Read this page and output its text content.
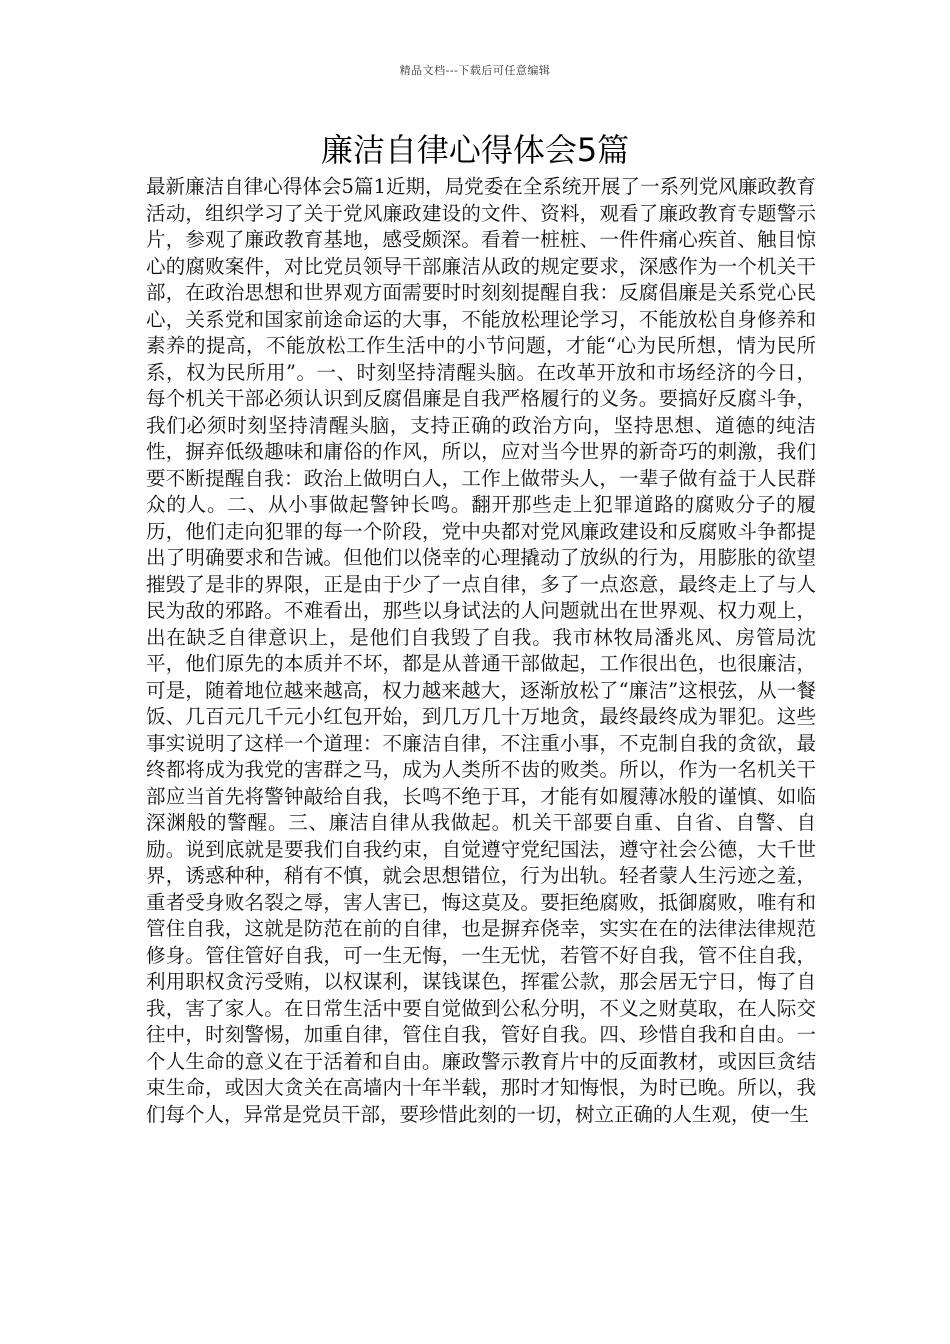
精品文档---下载后可任意编辑
廉洁自律心得体会5篇

最新廉洁自律心得体会5篇1近期，局党委在全系统开展了一系列党风廉政教育活动，组织学习了关于党风廉政建设的文件、资料，观看了廉政教育专题警示片，参观了廉政教育基地，感受颇深。看着一桩桩、一件件痛心疾首、触目惊心的腐败案件，对比党员领导干部廉洁从政的规定要求，深感作为一个机关干部，在政治思想和世界观方面需要时时刻刻提醒自我：反腐倡廉是关系党心民心，关系党和国家前途命运的大事，不能放松理论学习，不能放松自身修养和素养的提高，不能放松工作生活中的小节问题，才能“心为民所想，情为民所系，权为民所用”。一、时刻坚持清醒头脑。在改革开放和市场经济的今日，每个机关干部必须认识到反腐倡廉是自我严格履行的义务。要搞好反腐斗争，我们必须时刻坚持清醒头脑，支持正确的政治方向，坚持思想、道德的纯洁性，摒弃低级趣味和庸俗的作风，所以，应对当今世界的新奇巧的刺激，我们要不断提醒自我：政治上做明白人，工作上做带头人，一辈子做有益于人民群众的人。二、从小事做起警钟长鸣。翻开那些走上犯罪道路的腐败分子的履历，他们走向犯罪的每一个阶段，党中央都对党风廉政建设和反腐败斗争都提出了明确要求和告诫。但他们以侥幸的心理撬动了放纵的行为，用膨胀的欲望摧毁了是非的界限，正是由于少了一点自律，多了一点恣意，最终走上了与人民为敌的邪路。不难看出，那些以身试法的人问题就出在世界观、权力观上，出在缺乏自律意识上，是他们自我毁了自我。我市林牧局潘兆风、房管局沈平，他们原先的本质并不坏，都是从普通干部做起，工作很出色，也很廉洁，可是，随着地位越来越高，权力越来越大，逐渐放松了“廉洁”这根弦，从一餐饭、几百元几千元小红包开始，到几万几十万地贪，最终最终成为罪犯。这些事实说明了这样一个道理：不廉洁自律，不注重小事，不克制自我的贪欲，最终都将成为我党的害群之马，成为人类所不齿的败类。所以，作为一名机关干部应当首先将警钟敲给自我，长鸣不绝于耳，才能有如履薄冰般的谨慎、如临深渊般的警醒。三、廉洁自律从我做起。机关干部要自重、自省、自警、自励。说到底就是要我们自我约束，自觉遵守党纪国法，遵守社会公德，大千世界，诱惑种种，稍有不慎，就会思想错位，行为出轨。轻者蒙人生污迹之羞，重者受身败名裂之辱，害人害已，悔这莫及。要拒绝腐败，抵御腐败，唯有和管住自我，这就是防范在前的自律，也是摒弃侥幸，实实在在的法律法律规范修身。管住管好自我，可一生无悔，一生无忧，若管不好自我，管不住自我，利用职权贪污受贿，以权谋利，谋钱谋色，挥霍公款，那会居无宁日，悔了自我，害了家人。在日常生活中要自觉做到公私分明，不义之财莫取，在人际交往中，时刻警惕，加重自律，管住自我，管好自我。四、珍惜自我和自由。一个人生命的意义在于活着和自由。廉政警示教育片中的反面教材，或因巨贪结束生命，或因大贪关在高墙内十年半载，那时才知悔恨，为时已晚。所以，我们每个人，异常是党员干部，要珍惜此刻的一切，树立正确的人生观，使一生
